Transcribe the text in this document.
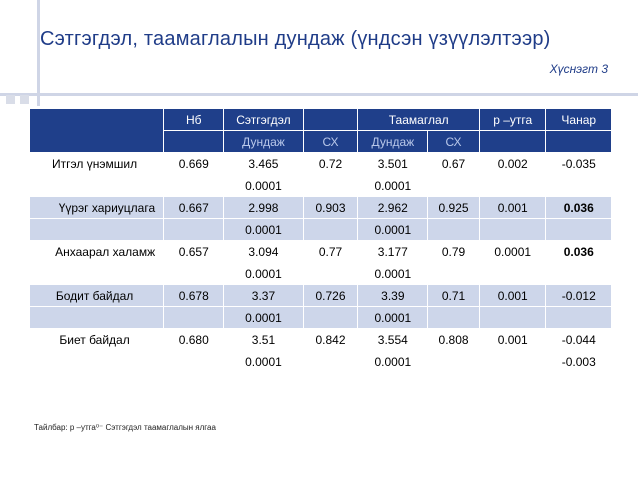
Сэтгэгдэл, таамаглалын дундаж (үндсэн үзүүлэлтээр)
Хүснэгт 3
	Нб	Сэтгэгдэл		Таамаглал		р –утга	Чанар
		Дундаж	СХ	Дундаж	СХ		
Итгэл үнэмшил	0.669	3.465	0.72	3.501	0.67	0.002	-0.035
		0.0001		0.0001			
Үүрэг хариуцлага	0.667	2.998	0.903	2.962	0.925	0.001	0.036
		0.0001		0.0001			
Анхаарал халамж	0.657	3.094	0.77	3.177	0.79	0.0001	0.036
		0.0001		0.0001			
Бодит байдал	0.678	3.37	0.726	3.39	0.71	0.001	-0.012
		0.0001		0.0001			
Биет байдал	0.680	3.51	0.842	3.554	0.808	0.001	-0.044
		0.0001		0.0001			-0.003
Тайлбар: р –утга⁰⁻ Сэтгэгдэл таамаглалын ялгаа
